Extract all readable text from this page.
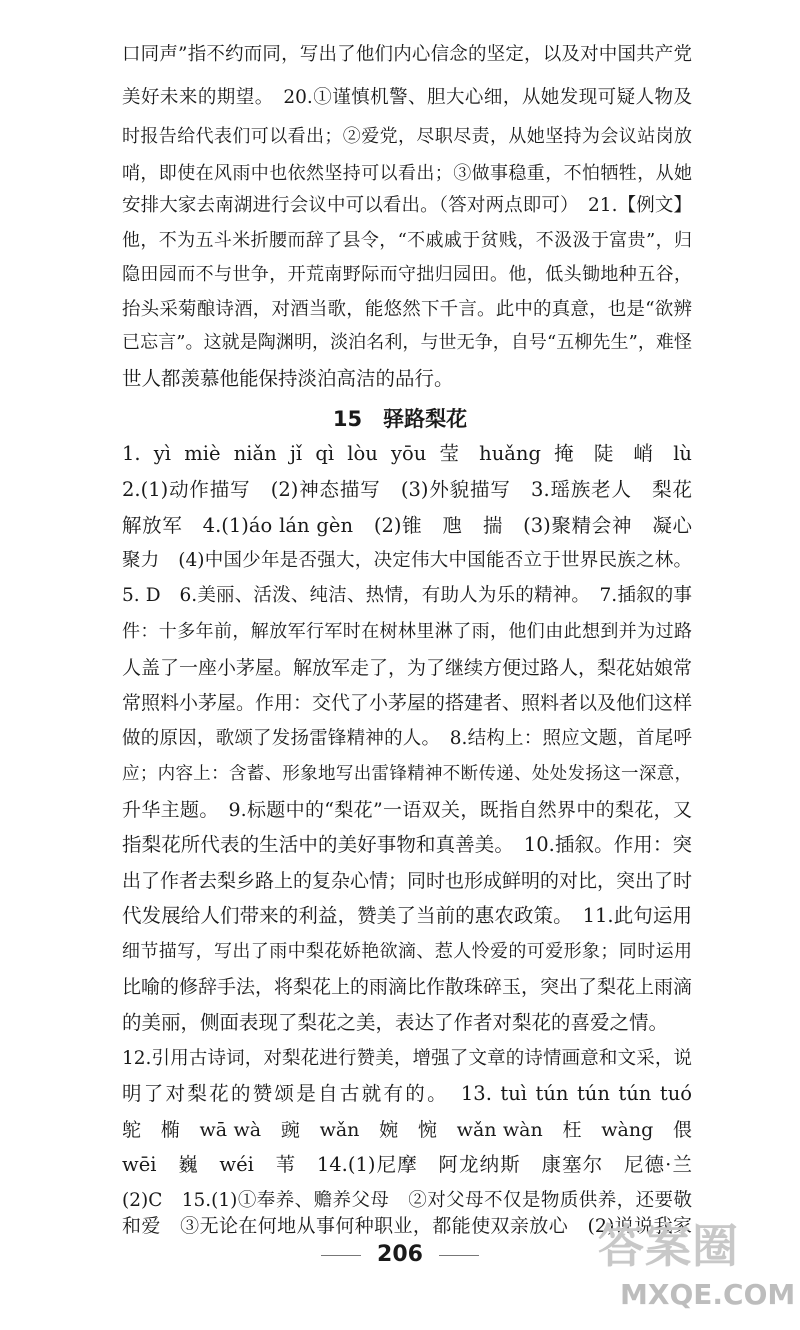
口同声”指不约而同，写出了他们内心信念的坚定，以及对中国共产党
美好未来的期望。　20.①谨慎机警、胆大心细，从她发现可疑人物及
时报告给代表们可以看出；②爱党，尽职尽责，从她坚持为会议站岗放
哨，即使在风雨中也依然坚持可以看出；③做事稳重，不怕牺牲，从她
安排大家去南湖进行会议中可以看出。（答对两点即可）　21.【例文】
他，不为五斗米折腰而辞了县令，“不戚戚于贫贱，不汲汲于富贵”，归
隐田园而不与世争，开荒南野际而守拙归园田。他，低头锄地种五谷，
抬头采菊酿诗酒，对酒当歌，能悠然下千言。此中的真意，也是“欲辨
已忘言”。这就是陶渊明，淡泊名利，与世无争，自号“五柳先生”，难怪
世人都羡慕他能保持淡泊高洁的品行。
15　驿路梨花
1. yì miè niǎn jǐ qì lòu yōu 莹 huǎng 掩 陡 峭 lù
2.(1)动作描写　(2)神态描写　(3)外貌描写　3.瑶族老人　梨花
解放军　4.(1)áo lán gèn　(2)锥　虺　揣　(3)聚精会神　凝心
聚力　(4)中国少年是否强大，决定伟大中国能否立于世界民族之林。
5. D　6.美丽、活泼、纯洁、热情，有助人为乐的精神。　7.插叙的事
件：十多年前，解放军行军时在树林里淋了雨，他们由此想到并为过路
人盖了一座小茅屋。解放军走了，为了继续方便过路人，梨花姑娘常
常照料小茅屋。作用：交代了小茅屋的搭建者、照料者以及他们这样
做的原因，歌颂了发扬雷锋精神的人。　8.结构上：照应文题，首尾呼
应；内容上：含蓄、形象地写出雷锋精神不断传递、处处发扬这一深意，
升华主题。　9.标题中的“梨花”一语双关，既指自然界中的梨花，又
指梨花所代表的生活中的美好事物和真善美。　10.插叙。作用：突
出了作者去梨乡路上的复杂心情；同时也形成鲜明的对比，突出了时
代发展给人们带来的利益，赞美了当前的惠农政策。　11.此句运用
细节描写，写出了雨中梨花娇艳欲滴、惹人怜爱的可爱形象；同时运用
比喻的修辞手法，将梨花上的雨滴比作散珠碎玉，突出了梨花上雨滴
的美丽，侧面表现了梨花之美，表达了作者对梨花的喜爱之情。
12.引用古诗词，对梨花进行赞美，增强了文章的诗情画意和文采，说
明了对梨花的赞颂是自古就有的。　13. tuì tún tún tún tuó
鸵　椭　wā wà　豌　wǎn　婉　惋　wǎn wàn　枉　wàng　偎
wēi　巍　wéi　苇　14.(1)尼摩　阿龙纳斯　康塞尔　尼德·兰
(2)C　15.(1)①奉养、赡养父母　②对父母不仅是物质供养，还要敬
和爱　③无论在何地从事何种职业，都能使双亲放心　(2)说说我家
206	答案圈
MXQE.COM
